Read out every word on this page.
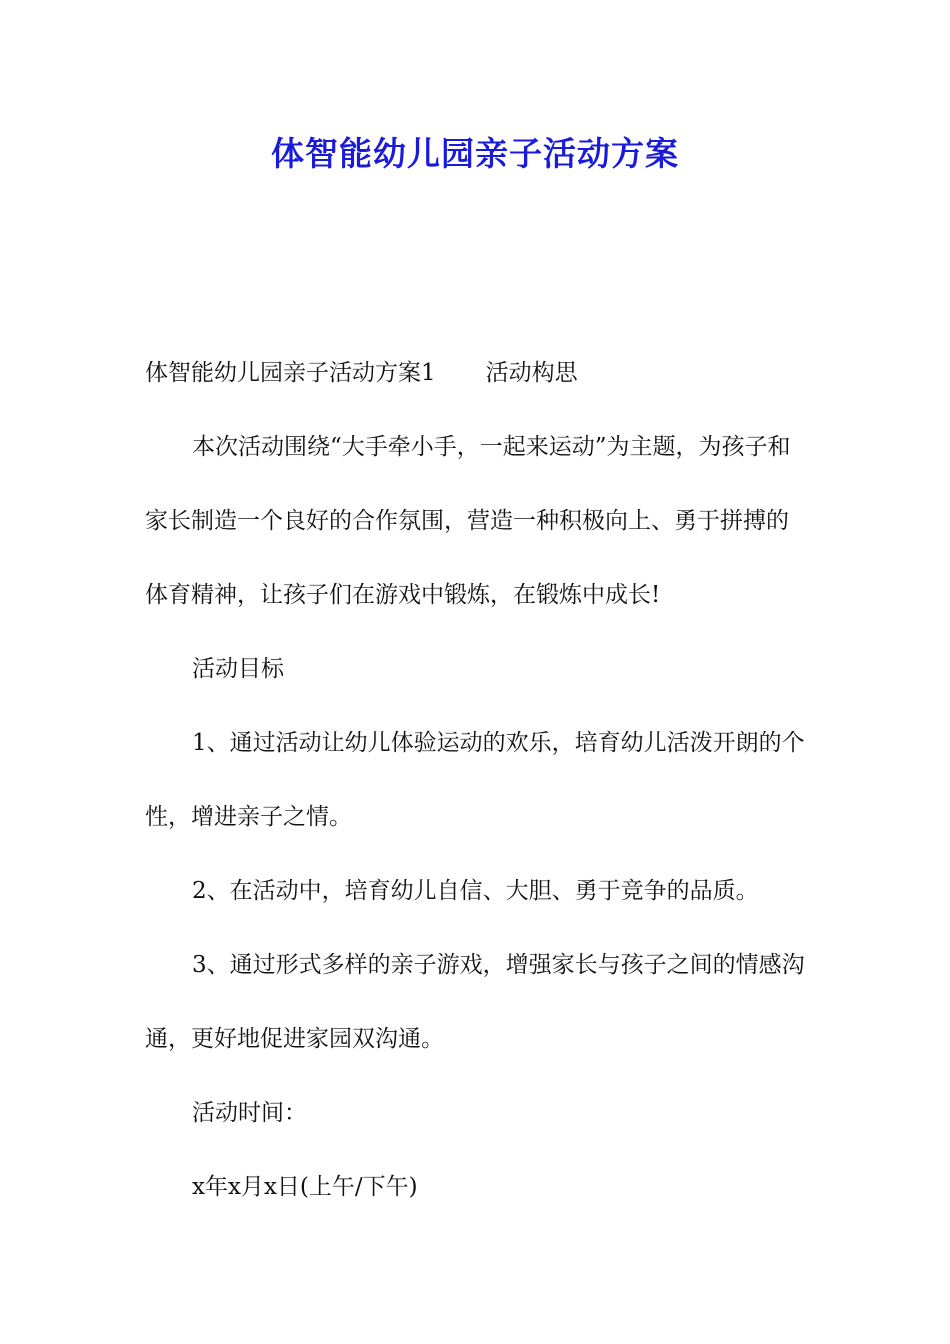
体智能幼儿园亲子活动方案

体智能幼儿园亲子活动方案1 活动构思

本次活动围绕“大手牵小手，一起来运动”为主题，为孩子和家长制造一个良好的合作氛围，营造一种积极向上、勇于拼搏的体育精神，让孩子们在游戏中锻炼，在锻炼中成长!

活动目标

1、通过活动让幼儿体验运动的欢乐，培育幼儿活泼开朗的个性，增进亲子之情。

2、在活动中，培育幼儿自信、大胆、勇于竞争的品质。

3、通过形式多样的亲子游戏，增强家长与孩子之间的情感沟通，更好地促进家园双沟通。

活动时间：

x年x月x日(上午/下午)
